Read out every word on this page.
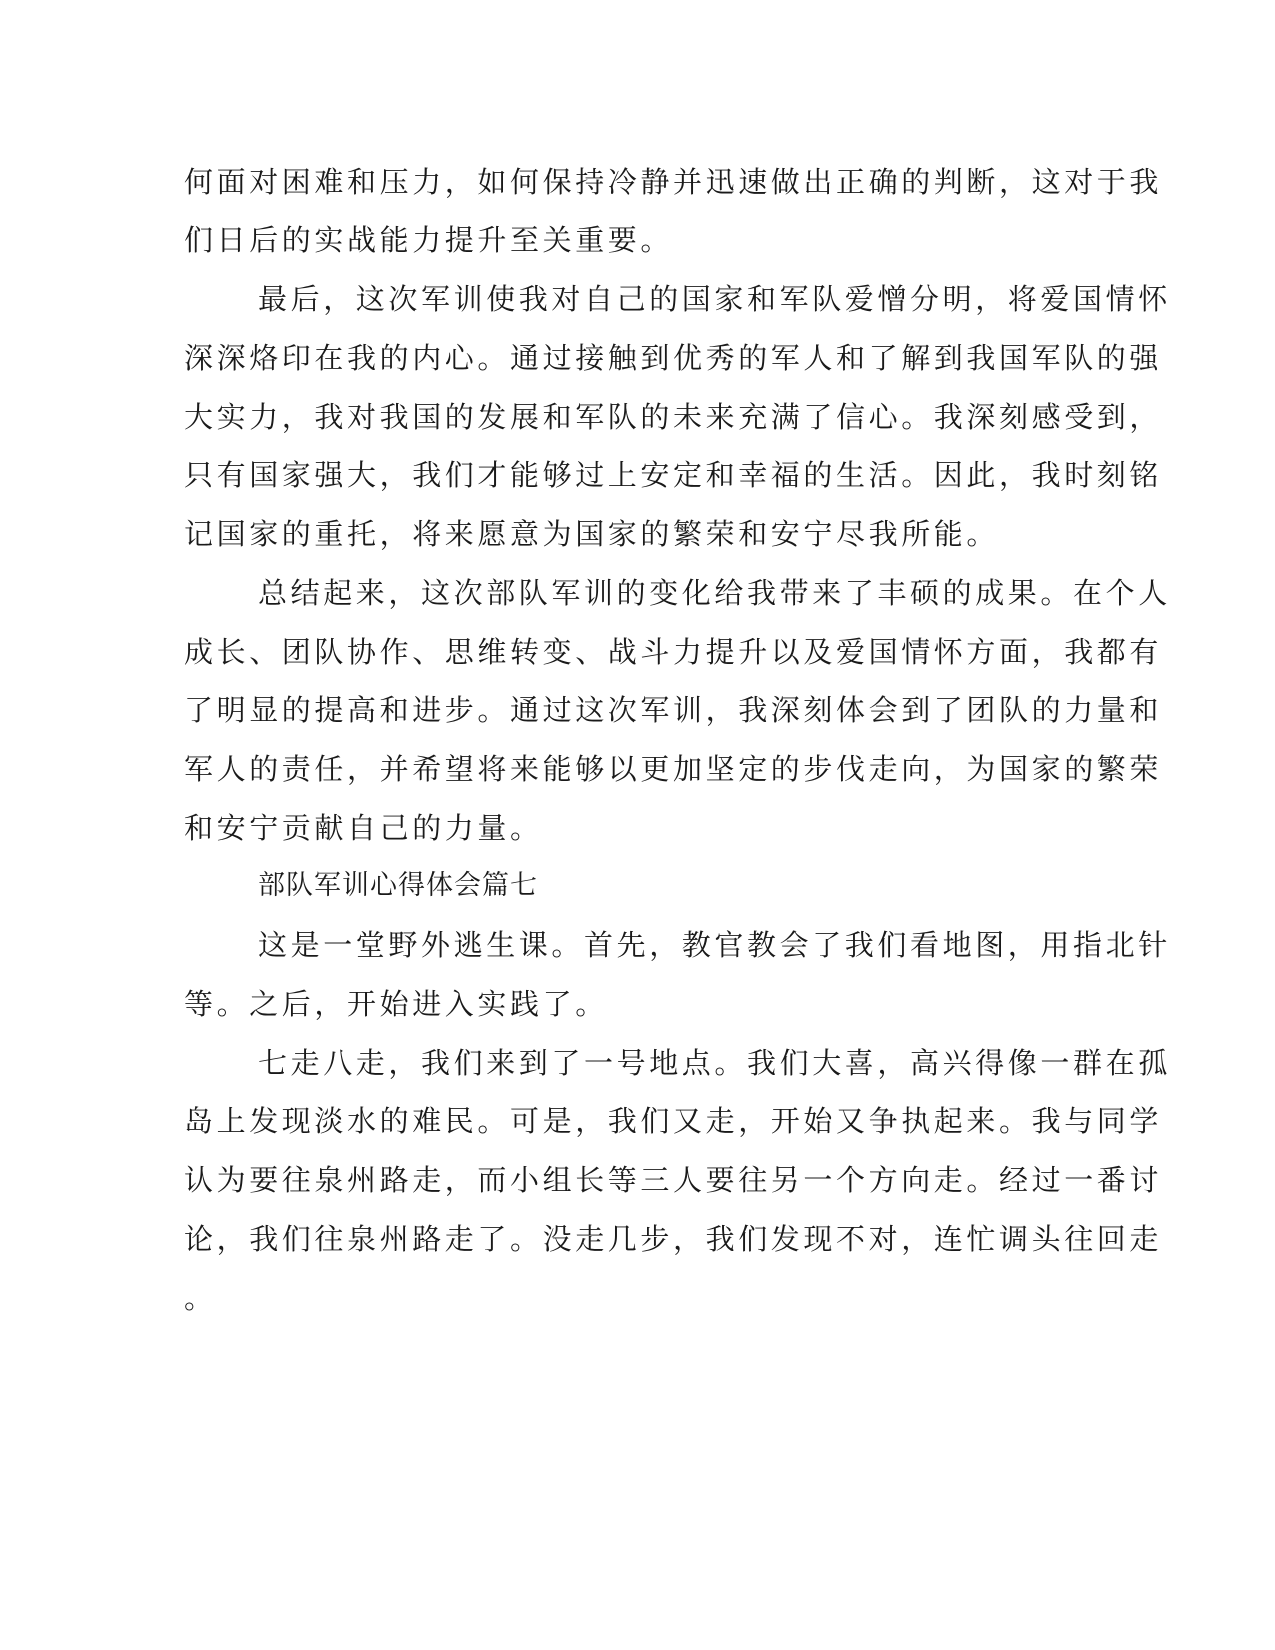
何面对困难和压力，如何保持冷静并迅速做出正确的判断，这对于我

们日后的实战能力提升至关重要。

最后，这次军训使我对自己的国家和军队爱憎分明，将爱国情怀

深深烙印在我的内心。通过接触到优秀的军人和了解到我国军队的强

大实力，我对我国的发展和军队的未来充满了信心。我深刻感受到，

只有国家强大，我们才能够过上安定和幸福的生活。因此，我时刻铭

记国家的重托，将来愿意为国家的繁荣和安宁尽我所能。

总结起来，这次部队军训的变化给我带来了丰硕的成果。在个人

成长、团队协作、思维转变、战斗力提升以及爱国情怀方面，我都有

了明显的提高和进步。通过这次军训，我深刻体会到了团队的力量和

军人的责任，并希望将来能够以更加坚定的步伐走向，为国家的繁荣

和安宁贡献自己的力量。

部队军训心得体会篇七

这是一堂野外逃生课。首先，教官教会了我们看地图，用指北针

等。之后，开始进入实践了。

七走八走，我们来到了一号地点。我们大喜，高兴得像一群在孤

岛上发现淡水的难民。可是，我们又走，开始又争执起来。我与同学

认为要往泉州路走，而小组长等三人要往另一个方向走。经过一番讨

论，我们往泉州路走了。没走几步，我们发现不对，连忙调头往回走

。
